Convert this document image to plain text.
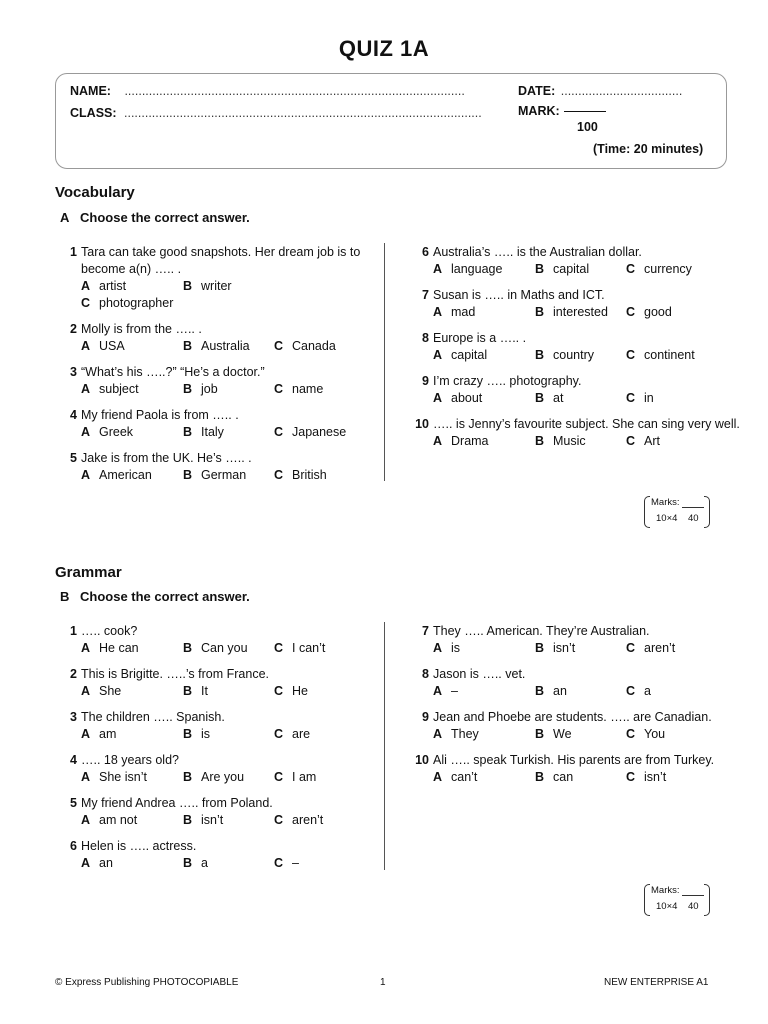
QUIZ 1A
NAME: ..................................................................................................	DATE: ...................................
CLASS: .......................................................................................................	MARK:
100
(Time: 20 minutes)
Vocabulary
A Choose the correct answer.
1 Tara can take good snapshots. Her dream job is to become a(n) ….. .
A artist	B writer
C photographer
2 Molly is from the ….. .
A USA	B Australia C Canada
3 “What’s his …..?” “He’s a doctor.”
A subject	B job	C name
4 My friend Paola is from ….. .
A Greek	B Italy	C Japanese
5 Jake is from the UK. He’s ….. .
A American B German C British
6 Australia’s ….. is the Australian dollar.
A language	B capital	C currency
7 Susan is ….. in Maths and ICT.
A mad	B interested C good
8 Europe is a ….. .
A capital	B country	C continent
9 I’m crazy ….. photography.
A about	B at	C in
10 ….. is Jenny’s favourite subject. She can sing very well.
A Drama	B Music	C Art
Marks:
10×4 40
Grammar
B Choose the correct answer.
1 ….. cook?
A He can	B Can you C I can’t
2 This is Brigitte. …..’s from France.
A She	B It	C He
3 The children ….. Spanish.
A am	B is	C are
4 ….. 18 years old?
A She isn’t	B Are you C I am
5 My friend Andrea ….. from Poland.
A am not	B isn’t	C aren’t
6 Helen is ….. actress.
A an	B a	C –
7 They ….. American. They’re Australian.
A is	B isn’t	C aren’t
8 Jason is ….. vet.
A –	B an	C a
9 Jean and Phoebe are students. ….. are Canadian.
A They	B We	C You
10 Ali ….. speak Turkish. His parents are from Turkey.
A can’t	B can	C isn’t
Marks:
10×4 40
© Express Publishing PHOTOCOPIABLE	1	NEW ENTERPRISE A1
